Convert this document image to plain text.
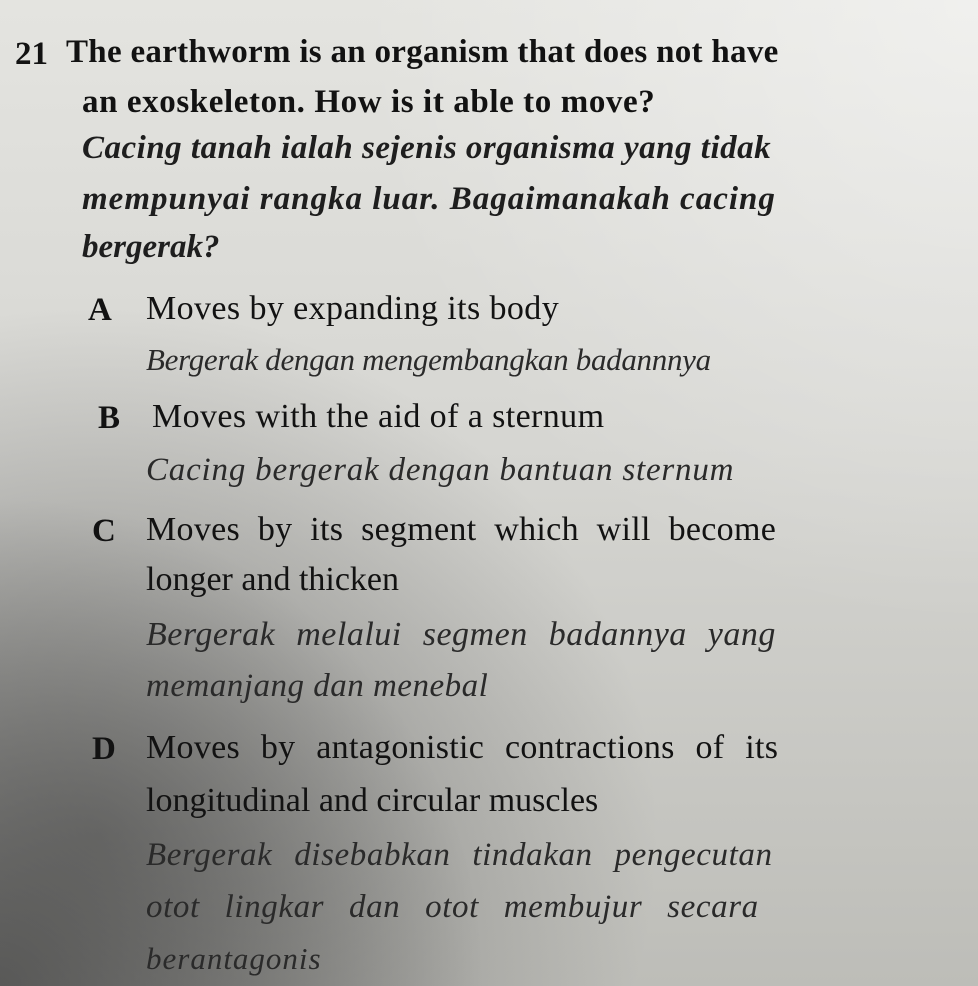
21 The earthworm is an organism that does not have
an exoskeleton. How is it able to move?
Cacing tanah ialah sejenis organisma yang tidak
mempunyai rangka luar. Bagaimanakah cacing
bergerak?
A Moves by expanding its body
Bergerak dengan mengembangkan badannnya
B Moves with the aid of a sternum
Cacing bergerak dengan bantuan sternum
C Moves by its segment which will become
longer and thicken
Bergerak melalui segmen badannya yang
memanjang dan menebal
D Moves by antagonistic contractions of its
longitudinal and circular muscles
Bergerak disebabkan tindakan pengecutan
otot lingkar dan otot membujur secara
berantagonis
